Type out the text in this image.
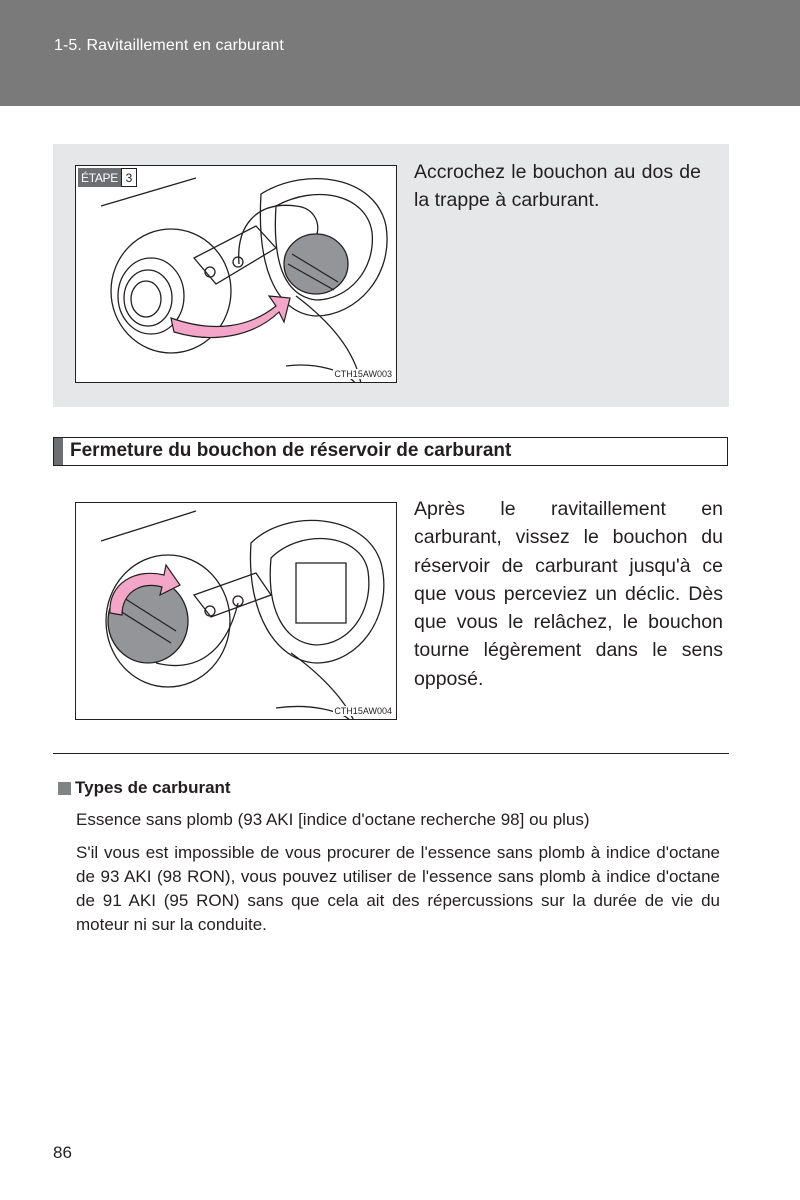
1-5. Ravitaillement en carburant
ÉTAPE 3
CTH15AW003

Accrochez le bouchon au dos de la trappe à carburant.

Fermeture du bouchon de réservoir de carburant
CTH15AW004

Après le ravitaillement en carburant, vissez le bouchon du réservoir de carburant jusqu'à ce que vous perceviez un déclic. Dès que vous le relâchez, le bouchon tourne légèrement dans le sens opposé.

Types de carburant

Essence sans plomb (93 AKI [indice d'octane recherche 98] ou plus)

S'il vous est impossible de vous procurer de l'essence sans plomb à indice d'octane de 93 AKI (98 RON), vous pouvez utiliser de l'essence sans plomb à indice d'octane de 91 AKI (95 RON) sans que cela ait des répercussions sur la durée de vie du moteur ni sur la conduite.

86
